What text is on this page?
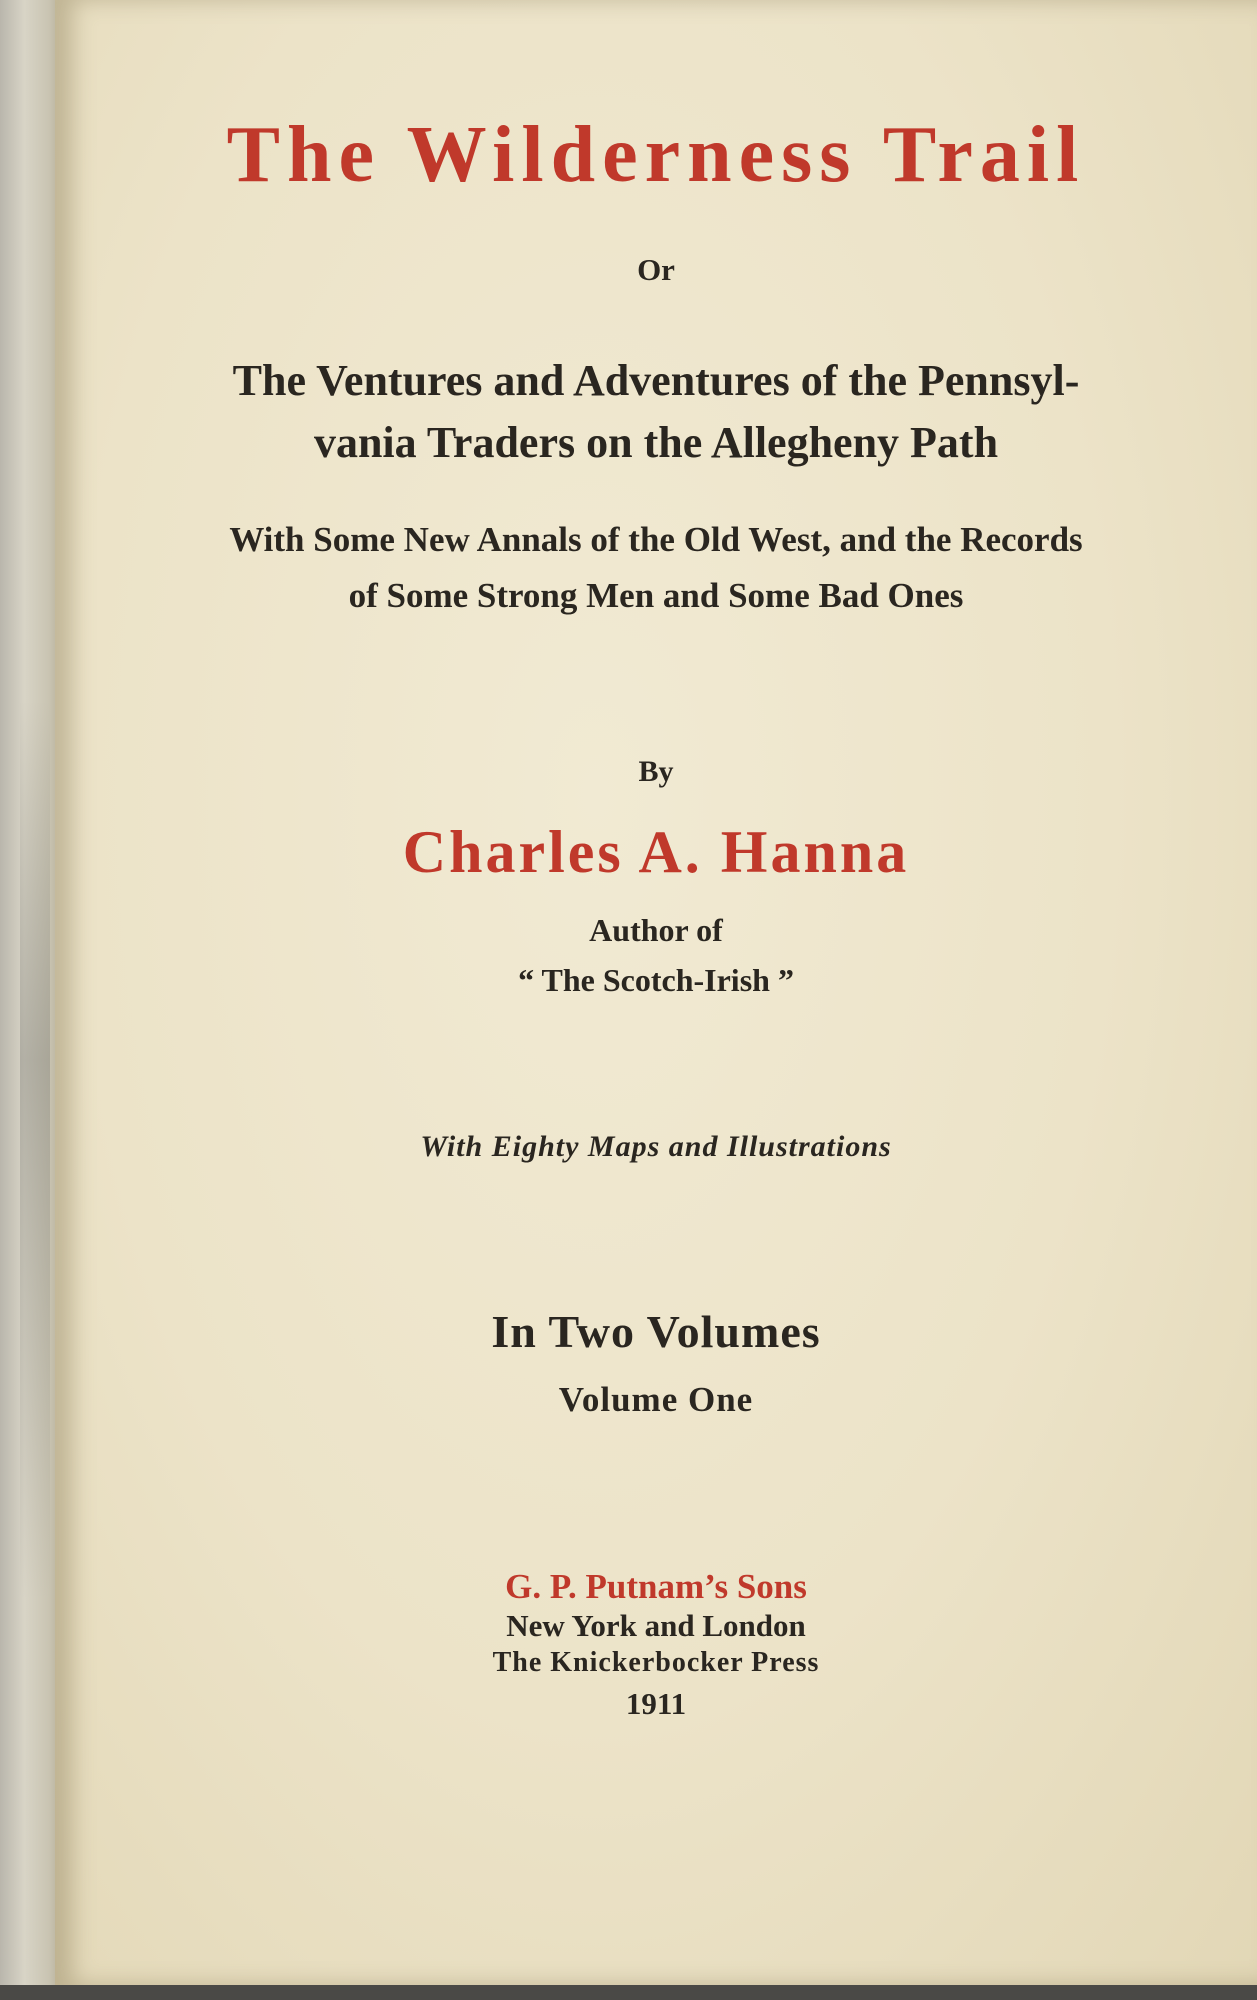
The Wilderness Trail
Or
The Ventures and Adventures of the Pennsyl-
vania Traders on the Allegheny Path
With Some New Annals of the Old West, and the Records
of Some Strong Men and Some Bad Ones
By
Charles A. Hanna
Author of
“ The Scotch-Irish ”
With Eighty Maps and Illustrations
In Two Volumes
Volume One
G. P. Putnam’s Sons
New York and London
The Knickerbocker Press
1911
